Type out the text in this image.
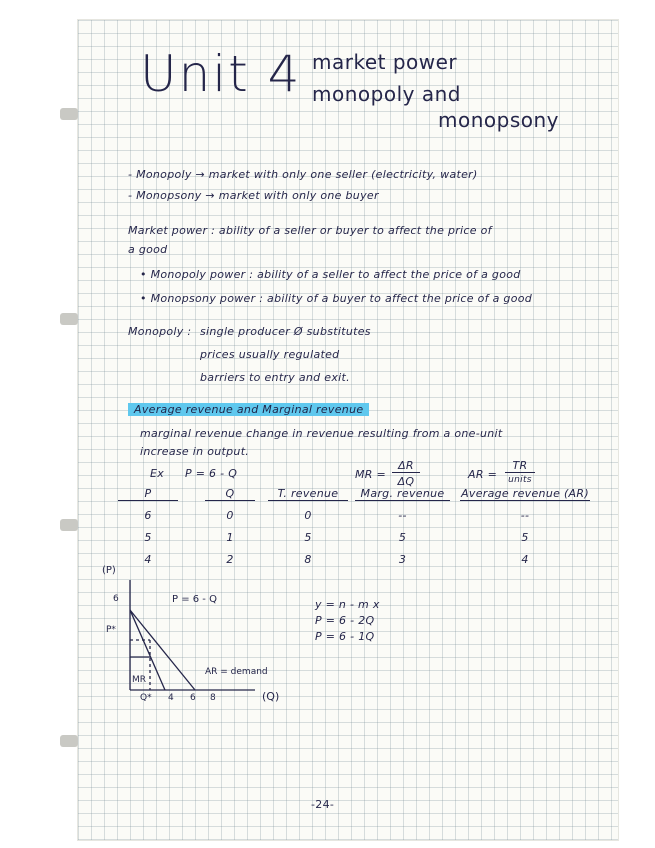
Unit 4 market power
monopoly and
monopsony
- Monopoly → market with only one seller (electricity, water)
- Monopsony → market with only one buyer
Market power : ability of a seller or buyer to affect the price of
a good
• Monopoly power : ability of a seller to affect the price of a good
• Monopsony power : ability of a buyer to affect the price of a good
Monopoly : single producer Ø substitutes
prices usually regulated
barriers to entry and exit.
Average revenue and Marginal revenue
marginal revenue change in revenue resulting from a one-unit
increase in output.
Ex P = 6 - Q	MR =
ΔR
ΔQ
AR =
TR
units
P	Q	T. revenue	Marg. revenue	Average revenue (AR)
6	0	0	--	--
5	1	5	5	5
4	2	8	3	4
(P)
(Q)
P = 6 - Q
6
P*
Q* 4 6 8
MR
AR = demand
y = n - m x
P = 6 - 2Q
P = 6 - 1Q
-24-
